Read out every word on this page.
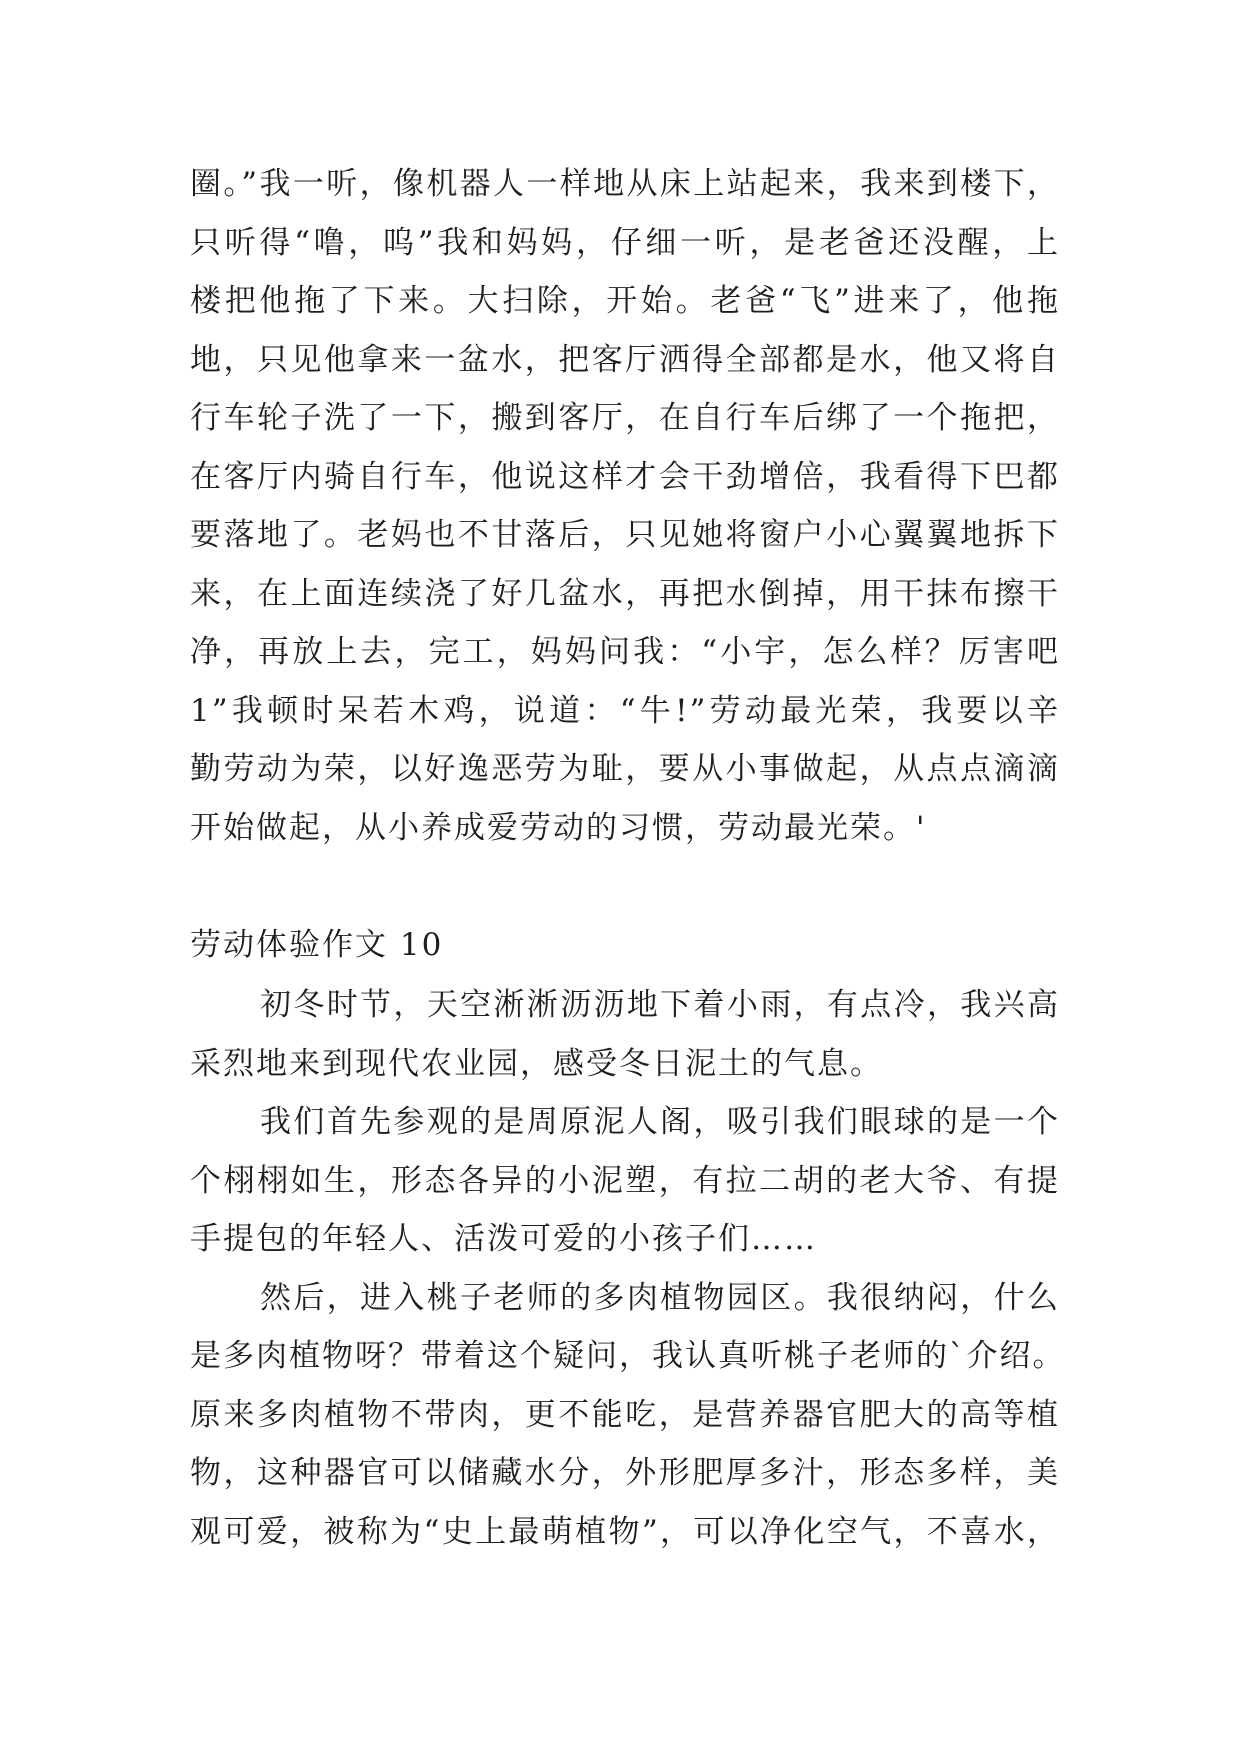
圈。”我一听，像机器人一样地从床上站起来，我来到楼下，
只听得“噜，呜”我和妈妈，仔细一听，是老爸还没醒，上
楼把他拖了下来。大扫除，开始。老爸“飞”进来了，他拖
地，只见他拿来一盆水，把客厅洒得全部都是水，他又将自
行车轮子洗了一下，搬到客厅，在自行车后绑了一个拖把，
在客厅内骑自行车，他说这样才会干劲增倍，我看得下巴都
要落地了。老妈也不甘落后，只见她将窗户小心翼翼地拆下
来，在上面连续浇了好几盆水，再把水倒掉，用干抹布擦干
净，再放上去，完工，妈妈问我：“小宇，怎么样？厉害吧
1”我顿时呆若木鸡，说道：“牛!”劳动最光荣，我要以辛
勤劳动为荣，以好逸恶劳为耻，要从小事做起，从点点滴滴
开始做起，从小养成爱劳动的习惯，劳动最光荣。'
劳动体验作文 10
初冬时节，天空淅淅沥沥地下着小雨，有点冷，我兴高
采烈地来到现代农业园，感受冬日泥土的气息。
我们首先参观的是周原泥人阁，吸引我们眼球的是一个
个栩栩如生，形态各异的小泥塑，有拉二胡的老大爷、有提
手提包的年轻人、活泼可爱的小孩子们……
然后，进入桃子老师的多肉植物园区。我很纳闷，什么
是多肉植物呀？带着这个疑问，我认真听桃子老师的`介绍。
原来多肉植物不带肉，更不能吃，是营养器官肥大的高等植
物，这种器官可以储藏水分，外形肥厚多汁，形态多样，美
观可爱，被称为“史上最萌植物”，可以净化空气，不喜水，
